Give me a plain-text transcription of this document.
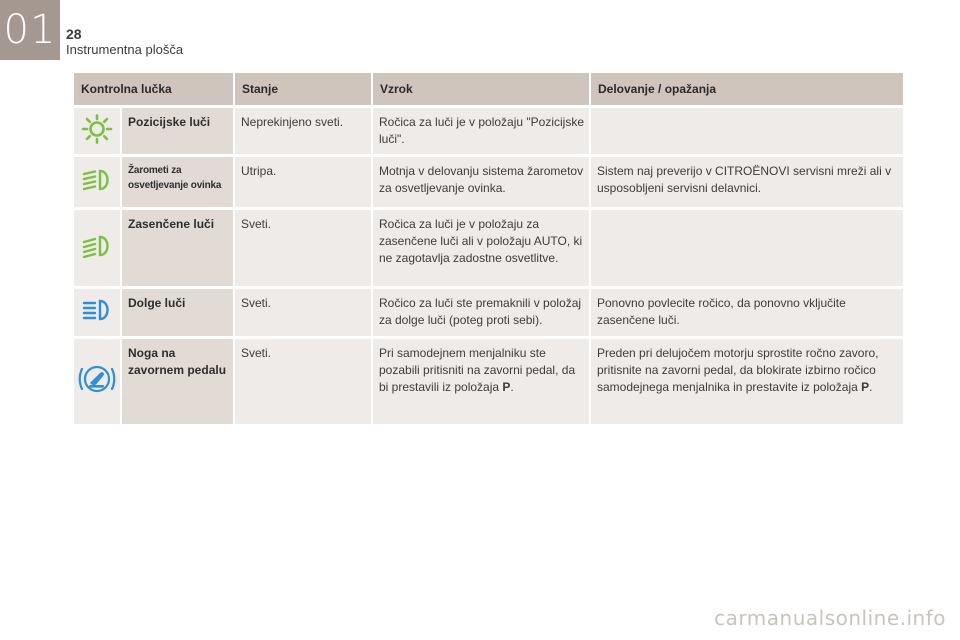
01 28
Instrumentna plošča
Kontrolna lučka		Stanje	Vzrok	Delovanje / opažanja
	Pozicijske luči	Neprekinjeno sveti.	Ročica za luči je v položaju "Pozicijske luči".	
	Žarometi za osvetljevanje ovinka	Utripa.	Motnja v delovanju sistema žarometov za osvetljevanje ovinka.	Sistem naj preverijo v CITROËNOVI servisni mreži ali v usposobljeni servisni delavnici.
	Zasenčene luči	Sveti.	Ročica za luči je v položaju za zasenčene luči ali v položaju AUTO, ki ne zagotavlja zadostne osvetlitve.	
	Dolge luči	Sveti.	Ročico za luči ste premaknili v položaj za dolge luči (poteg proti sebi).	Ponovno povlecite ročico, da ponovno vključite zasenčene luči.
	Noga na zavornem pedalu	Sveti.	Pri samodejnem menjalniku ste pozabili pritisniti na zavorni pedal, da bi prestavili iz položaja P.	Preden pri delujočem motorju sprostite ročno zavoro, pritisnite na zavorni pedal, da blokirate izbirno ročico samodejnega menjalnika in prestavite iz položaja P.
carmanualsonline.info
